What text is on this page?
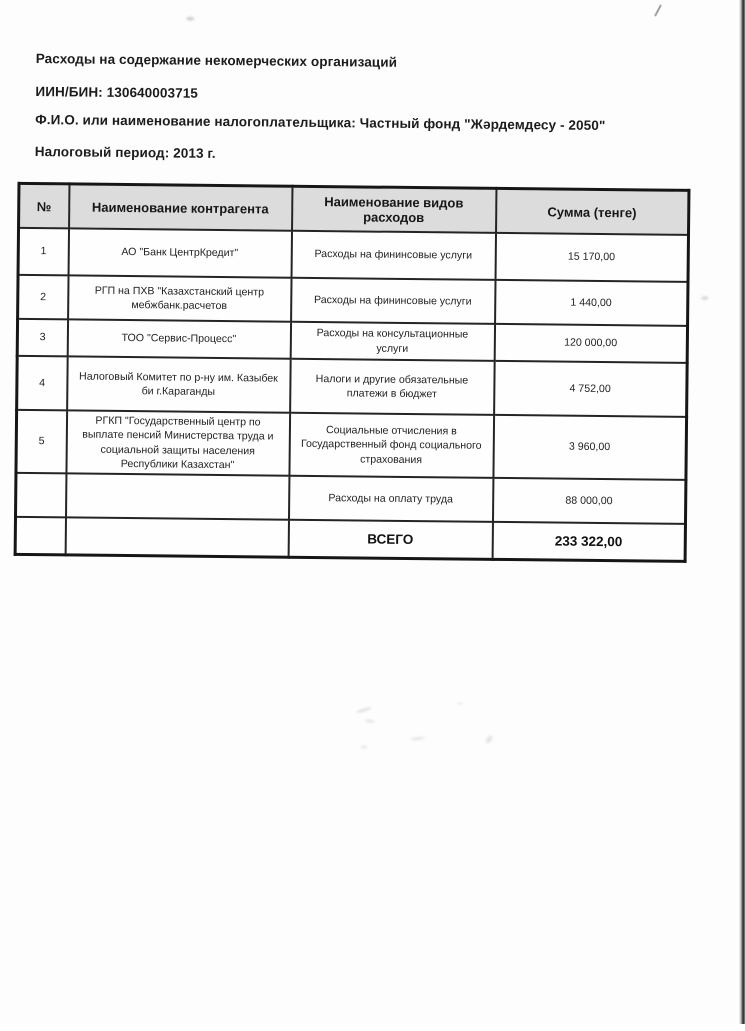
Расходы на содержание некомерческих организаций
ИИН/БИН: 130640003715
Ф.И.О. или наименование налогоплательщика: Частный фонд "Жәрдемдесу - 2050"
Налоговый период: 2013 г.
№	Наименование контрагента	Наименование видов расходов	Сумма (тенге)
1	АО "Банк ЦентрКредит"	Расходы на фининсовые услуги	15 170,00
2	РГП на ПХВ "Казахстанский центр мебжбанк.расчетов	Расходы на фининсовые услуги	1 440,00
3	ТОО "Сервис-Процесс"	Расходы на консультационные услуги	120 000,00
4	Налоговый Комитет по р-ну им. Казыбек би г.Караганды	Налоги и другие обязательные платежи в бюджет	4 752,00
5	РГКП "Государственный центр по выплате пенсий Министерства труда и социальной защиты населения Республики Казахстан"	Социальные отчисления в Государственный фонд социального страхования	3 960,00
		Расходы на оплату труда	88 000,00
		ВСЕГО	233 322,00
